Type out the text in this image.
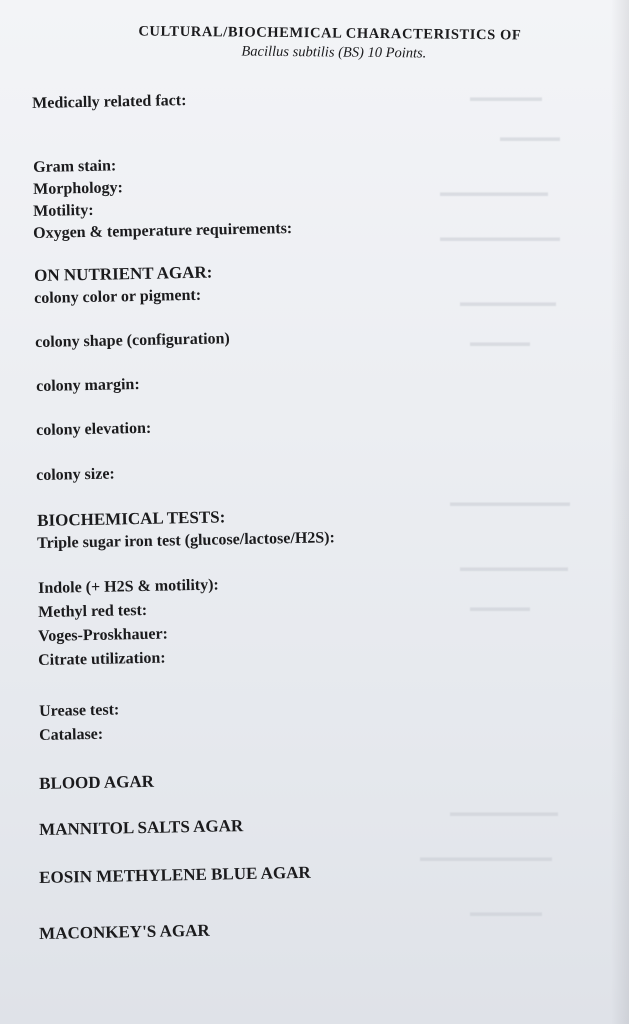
▬▬▬▬▬▬
▬▬▬▬▬
▬▬▬▬▬▬▬▬▬
▬▬▬▬▬▬▬▬▬▬
▬▬▬▬▬▬▬▬
▬▬▬▬▬
▬▬▬▬▬▬▬▬▬▬
▬▬▬▬▬▬▬▬▬
▬▬▬▬▬
▬▬▬▬▬▬▬▬▬
▬▬▬▬▬▬▬▬▬▬▬
▬▬▬▬▬▬
CULTURAL/BIOCHEMICAL CHARACTERISTICS OF
Bacillus subtilis (BS) 10 Points.
Medically related fact:
Gram stain:
Morphology:
Motility:
Oxygen & temperature requirements:
ON NUTRIENT AGAR:
colony color or pigment:
colony shape (configuration)
colony margin:
colony elevation:
colony size:
BIOCHEMICAL TESTS:
Triple sugar iron test (glucose/lactose/H2S):
Indole (+ H2S & motility):
Methyl red test:
Voges-Proskhauer:
Citrate utilization:
Urease test:
Catalase:
BLOOD AGAR
MANNITOL SALTS AGAR
EOSIN METHYLENE BLUE AGAR
MACONKEY'S AGAR
